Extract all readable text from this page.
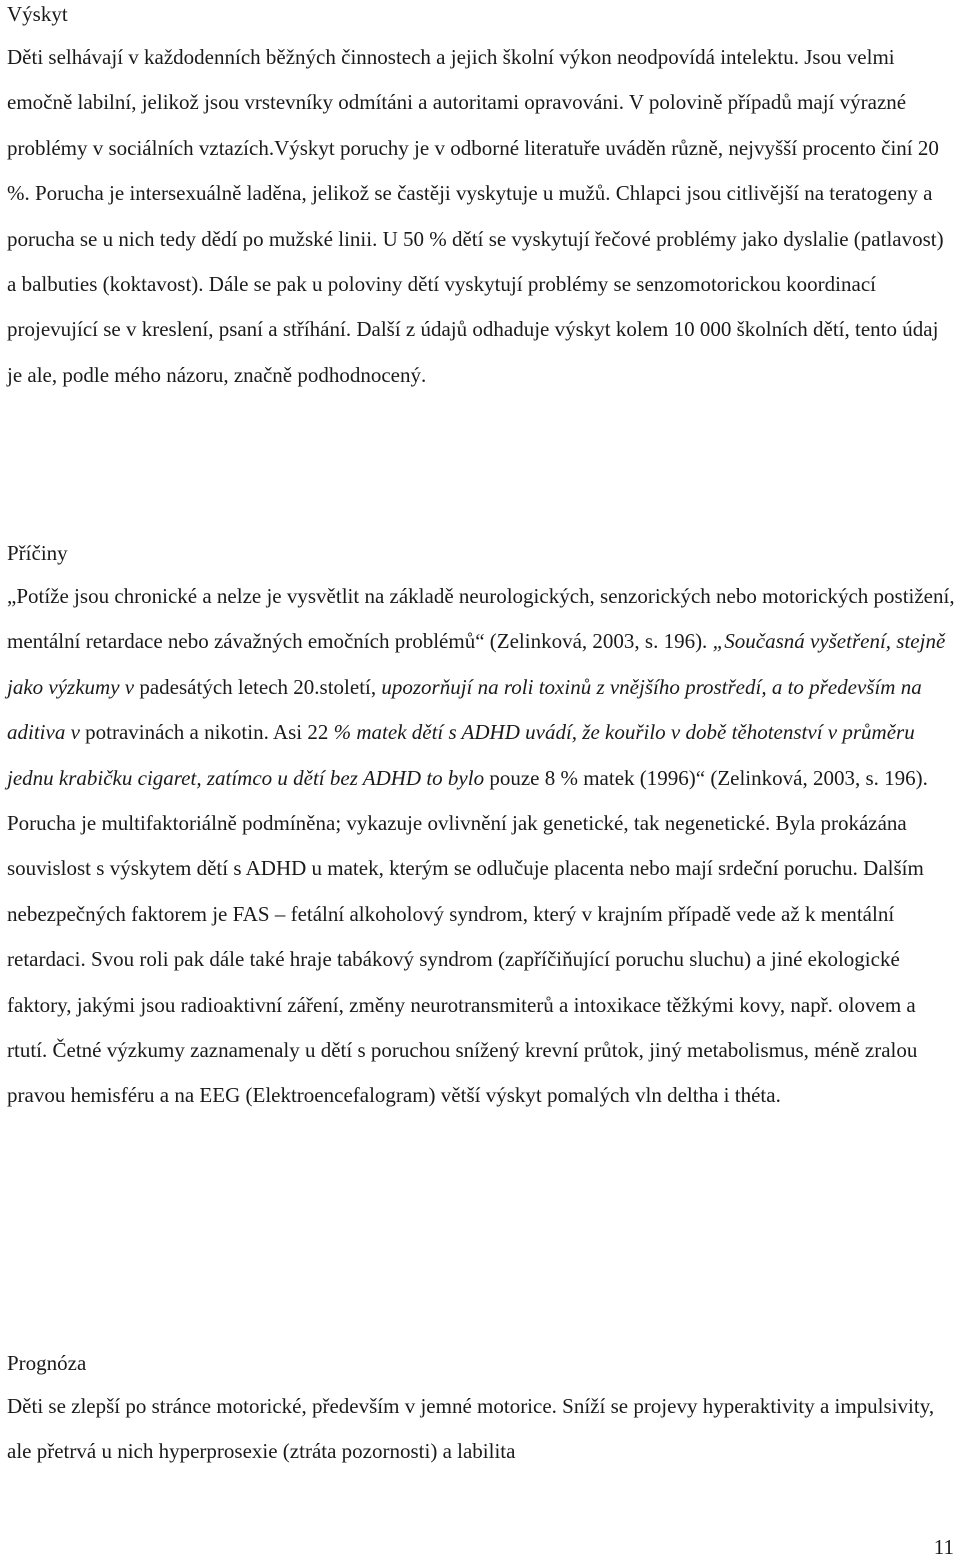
Výskyt

Děti selhávají v každodenních běžných činnostech a jejich školní výkon neodpovídá intelektu. Jsou velmi emočně labilní, jelikož jsou vrstevníky odmítáni a autoritami opravováni. V polovině případů mají výrazné problémy v sociálních vztazích.Výskyt poruchy je v odborné literatuře uváděn různě, nejvyšší procento činí 20 %. Porucha je intersexuálně laděna, jelikož se častěji vyskytuje u mužů. Chlapci jsou citlivější na teratogeny a porucha se u nich tedy dědí po mužské linii. U 50 % dětí se vyskytují řečové problémy jako dyslalie (patlavost) a balbuties (koktavost). Dále se pak u poloviny dětí vyskytují problémy se senzomotorickou koordinací projevující se v kreslení, psaní a stříhání. Další z údajů odhaduje výskyt kolem 10 000 školních dětí, tento údaj je ale, podle mého názoru, značně podhodnocený.

Příčiny

„Potíže jsou chronické a nelze je vysvětlit na základě neurologických, senzorických nebo motorických postižení, mentální retardace nebo závažných emočních problémů“ (Zelinková, 2003, s. 196). „Současná vyšetření, stejně jako výzkumy v padesátých letech 20.století, upozorňují na roli toxinů z vnějšího prostředí, a to především na aditiva v potravinách a nikotin. Asi 22 % matek dětí s ADHD uvádí, že kouřilo v době těhotenství v průměru jednu krabičku cigaret, zatímco u dětí bez ADHD to bylo pouze 8 % matek (1996)“ (Zelinková, 2003, s. 196).
Porucha je multifaktoriálně podmíněna; vykazuje ovlivnění jak genetické, tak negenetické. Byla prokázána souvislost s výskytem dětí s ADHD u matek, kterým se odlučuje placenta nebo mají srdeční poruchu. Dalším nebezpečných faktorem je FAS – fetální alkoholový syndrom, který v krajním případě vede až k mentální retardaci. Svou roli pak dále také hraje tabákový syndrom (zapříčiňující poruchu sluchu) a jiné ekologické faktory, jakými jsou radioaktivní záření, změny neurotransmiterů a intoxikace těžkými kovy, např. olovem a rtutí. Četné výzkumy zaznamenaly u dětí s poruchou snížený krevní průtok, jiný metabolismus, méně zralou pravou hemisféru a na EEG (Elektroencefalogram) větší výskyt pomalých vln deltha i théta.

Prognóza

Děti se zlepší po stránce motorické, především v jemné motorice. Sníží se projevy hyperaktivity a impulsivity, ale přetrvá u nich hyperprosexie (ztráta pozornosti) a labilita

11
